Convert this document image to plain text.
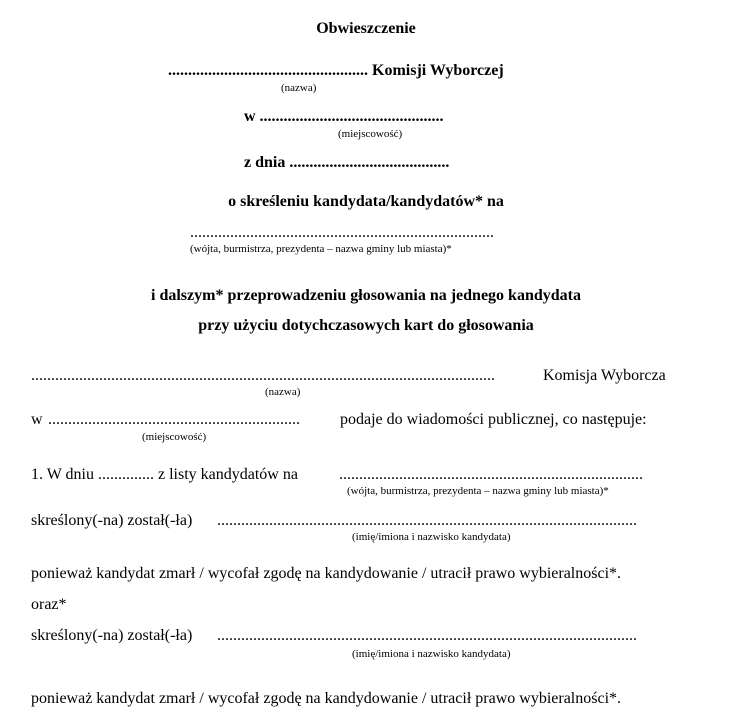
Obwieszczenie
.................................................. Komisji Wyborczej
(nazwa)
w ..............................................
(miejscowość)
z dnia ........................................
o skreśleniu kandydata/kandydatów* na
............................................................................
(wójta, burmistrza, prezydenta – nazwa gminy lub miasta)*
i dalszym* przeprowadzeniu głosowania na jednego kandydata
przy użyciu dotychczasowych kart do głosowania
....................................................................................................................	Komisja Wyborcza
(nazwa)
w ...............................................................	podaje do wiadomości publicznej, co następuje:
(miejscowość)
1. W dniu .............. z listy kandydatów na	............................................................................
(wójta, burmistrza, prezydenta – nazwa gminy lub miasta)*
skreślony(-na) został(-ła) .........................................................................................................
(imię/imiona i nazwisko kandydata)
ponieważ kandydat zmarł / wycofał zgodę na kandydowanie / utracił prawo wybieralności*.
oraz*
skreślony(-na) został(-ła) .........................................................................................................
(imię/imiona i nazwisko kandydata)
ponieważ kandydat zmarł / wycofał zgodę na kandydowanie / utracił prawo wybieralności*.
